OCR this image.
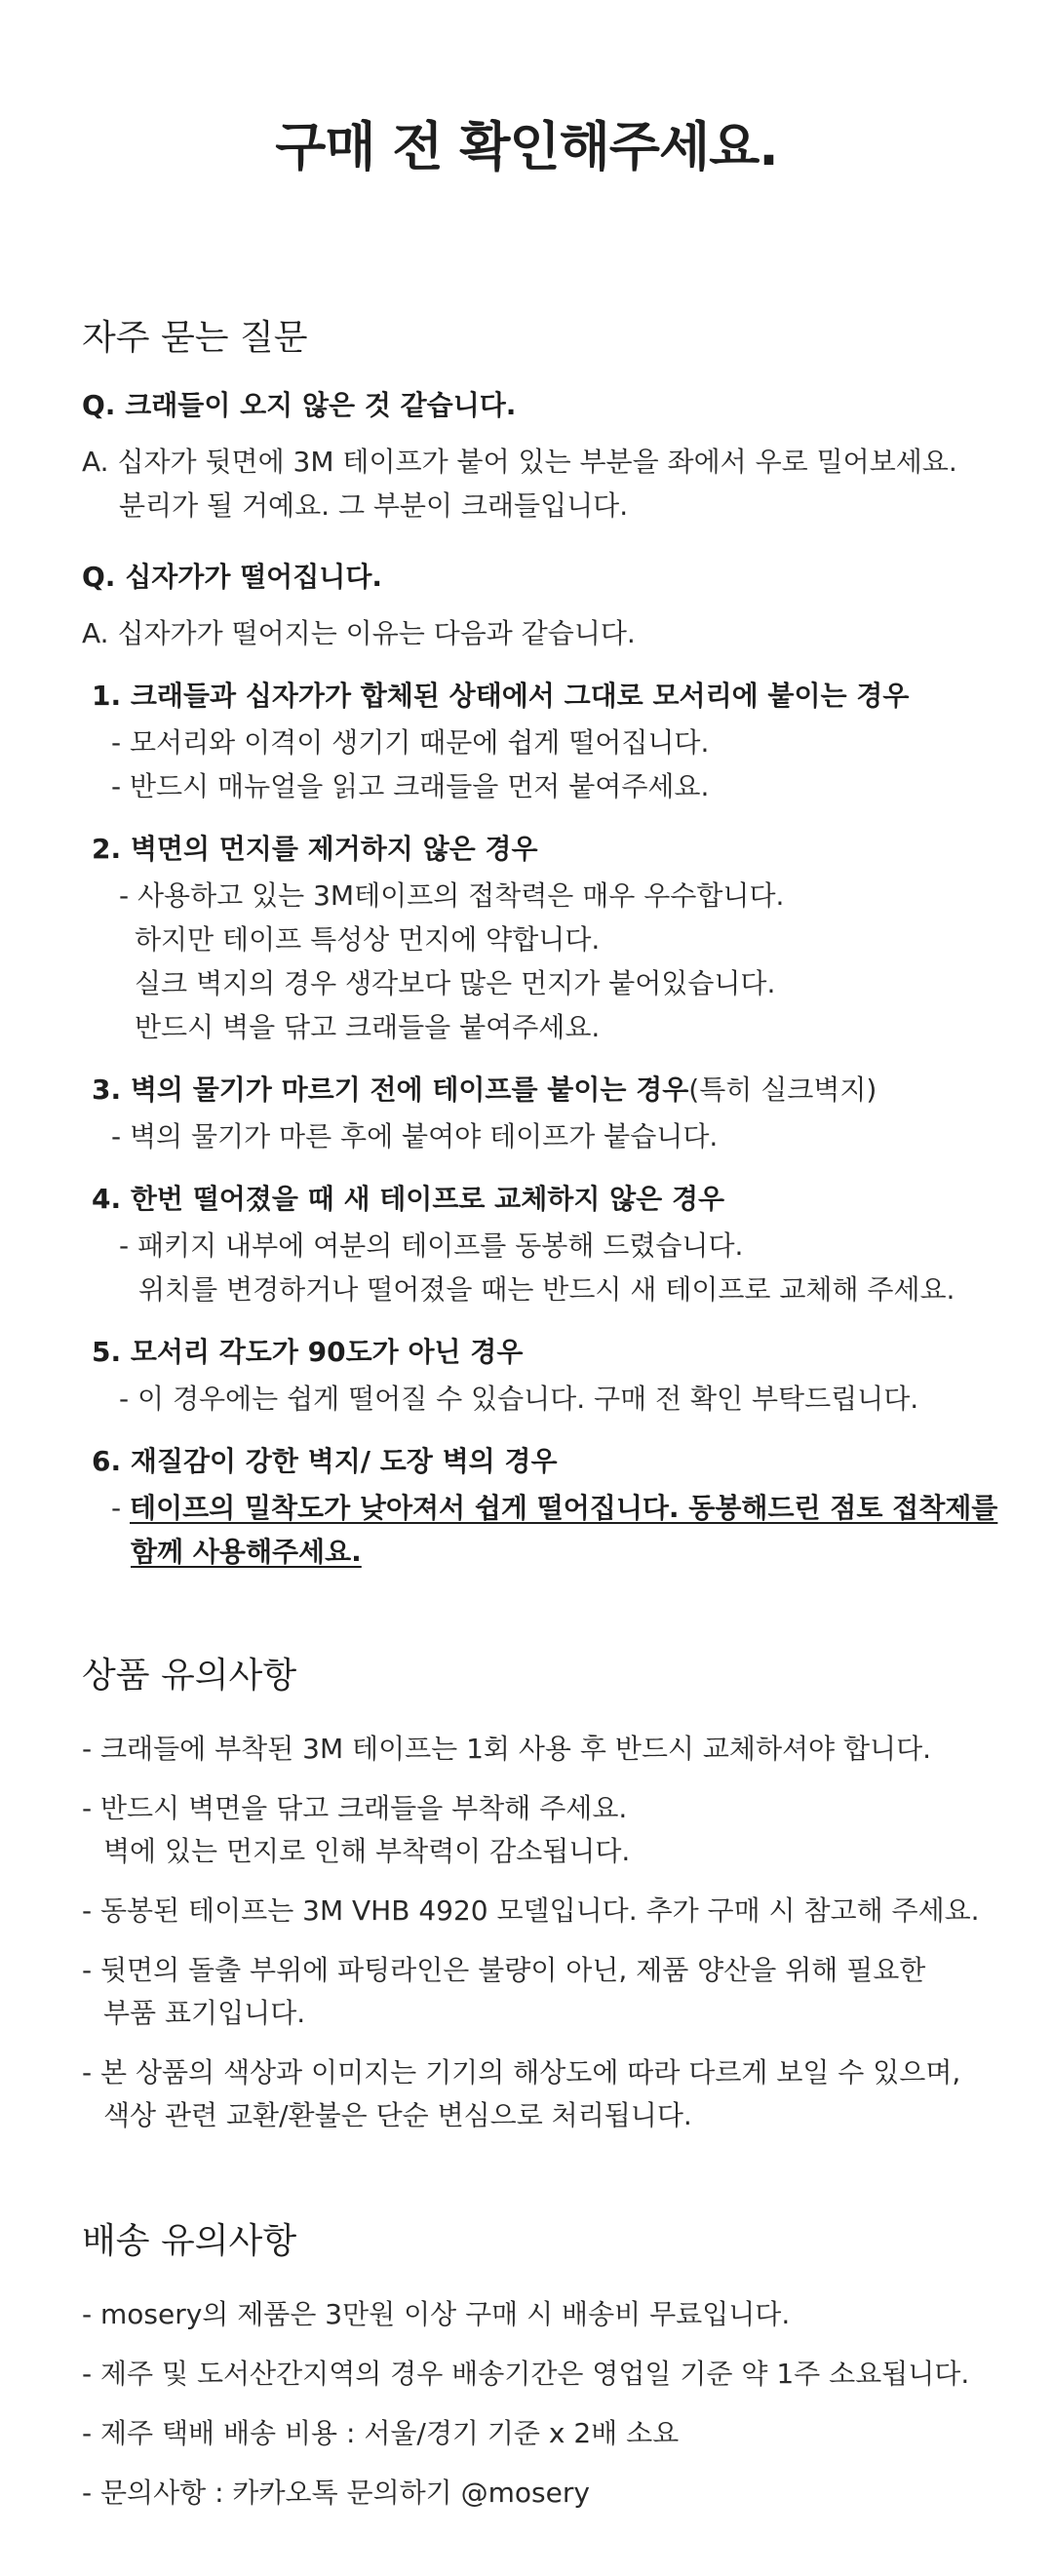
구매 전 확인해주세요.
자주 묻는 질문
Q. 크래들이 오지 않은 것 같습니다.
A. 십자가 뒷면에 3M 테이프가 붙어 있는 부분을 좌에서 우로 밀어보세요.
분리가 될 거예요. 그 부분이 크래들입니다.
Q. 십자가가 떨어집니다.
A. 십자가가 떨어지는 이유는 다음과 같습니다.
1. 크래들과 십자가가 합체된 상태에서 그대로 모서리에 붙이는 경우
- 모서리와 이격이 생기기 때문에 쉽게 떨어집니다.
- 반드시 매뉴얼을 읽고 크래들을 먼저 붙여주세요.
2. 벽면의 먼지를 제거하지 않은 경우
- 사용하고 있는 3M테이프의 접착력은 매우 우수합니다.
하지만 테이프 특성상 먼지에 약합니다.
실크 벽지의 경우 생각보다 많은 먼지가 붙어있습니다.
반드시 벽을 닦고 크래들을 붙여주세요.
3. 벽의 물기가 마르기 전에 테이프를 붙이는 경우(특히 실크벽지)
- 벽의 물기가 마른 후에 붙여야 테이프가 붙습니다.
4. 한번 떨어졌을 때 새 테이프로 교체하지 않은 경우
- 패키지 내부에 여분의 테이프를 동봉해 드렸습니다.
위치를 변경하거나 떨어졌을 때는 반드시 새 테이프로 교체해 주세요.
5. 모서리 각도가 90도가 아닌 경우
- 이 경우에는 쉽게 떨어질 수 있습니다. 구매 전 확인 부탁드립니다.
6. 재질감이 강한 벽지/ 도장 벽의 경우
- 테이프의 밀착도가 낮아져서 쉽게 떨어집니다. 동봉해드린 점토 접착제를
함께 사용해주세요.
상품 유의사항
- 크래들에 부착된 3M 테이프는 1회 사용 후 반드시 교체하셔야 합니다.
- 반드시 벽면을 닦고 크래들을 부착해 주세요.
벽에 있는 먼지로 인해 부착력이 감소됩니다.
- 동봉된 테이프는 3M VHB 4920 모델입니다. 추가 구매 시 참고해 주세요.
- 뒷면의 돌출 부위에 파팅라인은 불량이 아닌, 제품 양산을 위해 필요한
부품 표기입니다.
- 본 상품의 색상과 이미지는 기기의 해상도에 따라 다르게 보일 수 있으며,
색상 관련 교환/환불은 단순 변심으로 처리됩니다.
배송 유의사항
- mosery의 제품은 3만원 이상 구매 시 배송비 무료입니다.
- 제주 및 도서산간지역의 경우 배송기간은 영업일 기준 약 1주 소요됩니다.
- 제주 택배 배송 비용 : 서울/경기 기준 x 2배 소요
- 문의사항 : 카카오톡 문의하기 @mosery
